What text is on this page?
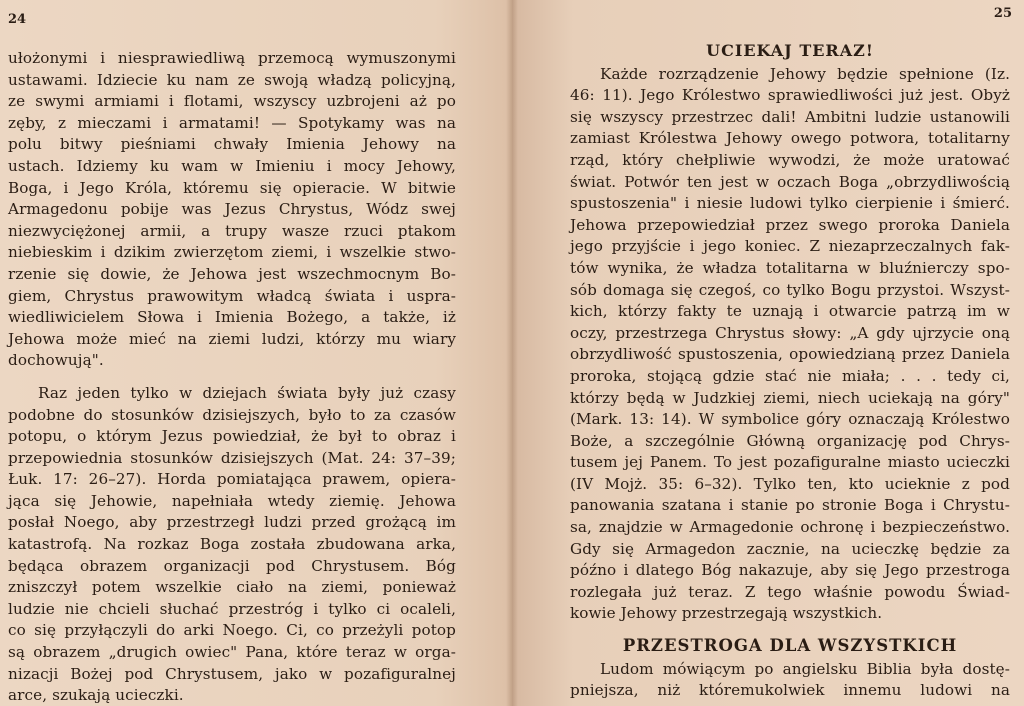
24
ułożonymi i niesprawiedliwą przemocą wymuszonymi
ustawami. Idziecie ku nam ze swoją władzą policyjną,
ze swymi armiami i flotami, wszyscy uzbrojeni aż po
zęby, z mieczami i armatami! — Spotykamy was na
polu bitwy pieśniami chwały Imienia Jehowy na
ustach. Idziemy ku wam w Imieniu i mocy Jehowy,
Boga, i Jego Króla, któremu się opieracie. W bitwie
Armagedonu pobije was Jezus Chrystus, Wódz swej
niezwyciężonej armii, a trupy wasze rzuci ptakom
niebieskim i dzikim zwierzętom ziemi, i wszelkie stwo-
rzenie się dowie, że Jehowa jest wszechmocnym Bo-
giem, Chrystus prawowitym władcą świata i uspra-
wiedliwicielem Słowa i Imienia Bożego, a także, iż
Jehowa może mieć na ziemi ludzi, którzy mu wiary
dochowują".
Raz jeden tylko w dziejach świata były już czasy
podobne do stosunków dzisiejszych, było to za czasów
potopu, o którym Jezus powiedział, że był to obraz i
przepowiednia stosunków dzisiejszych (Mat. 24: 37–39;
Łuk. 17: 26–27). Horda pomiatająca prawem, opiera-
jąca się Jehowie, napełniała wtedy ziemię. Jehowa
posłał Noego, aby przestrzegł ludzi przed grożącą im
katastrofą. Na rozkaz Boga została zbudowana arka,
będąca obrazem organizacji pod Chrystusem. Bóg
zniszczył potem wszelkie ciało na ziemi, ponieważ
ludzie nie chcieli słuchać przestróg i tylko ci ocaleli,
co się przyłączyli do arki Noego. Ci, co przeżyli potop
są obrazem „drugich owiec" Pana, które teraz w orga-
nizacji Bożej pod Chrystusem, jako w pozafiguralnej
arce, szukają ucieczki.
25
UCIEKAJ TERAZ!
Każde rozrządzenie Jehowy będzie spełnione (Iz.
46: 11). Jego Królestwo sprawiedliwości już jest. Obyż
się wszyscy przestrzec dali! Ambitni ludzie ustanowili
zamiast Królestwa Jehowy owego potwora, totalitarny
rząd, który chełpliwie wywodzi, że może uratować
świat. Potwór ten jest w oczach Boga „obrzydliwością
spustoszenia" i niesie ludowi tylko cierpienie i śmierć.
Jehowa przepowiedział przez swego proroka Daniela
jego przyjście i jego koniec. Z niezaprzeczalnych fak-
tów wynika, że władza totalitarna w bluźnierczy spo-
sób domaga się czegoś, co tylko Bogu przystoi. Wszyst-
kich, którzy fakty te uznają i otwarcie patrzą im w
oczy, przestrzega Chrystus słowy: „A gdy ujrzycie oną
obrzydliwość spustoszenia, opowiedzianą przez Daniela
proroka, stojącą gdzie stać nie miała; . . . tedy ci,
którzy będą w Judzkiej ziemi, niech uciekają na góry"
(Mark. 13: 14). W symbolice góry oznaczają Królestwo
Boże, a szczególnie Główną organizację pod Chrys-
tusem jej Panem. To jest pozafiguralne miasto ucieczki (IV Mojż. 35: 6–32). Tylko ten, kto ucieknie z pod
panowania szatana i stanie po stronie Boga i Chrystu-
sa, znajdzie w Armagedonie ochronę i bezpieczeństwo.
Gdy się Armagedon zacznie, na ucieczkę będzie za
późno i dlatego Bóg nakazuje, aby się Jego przestroga
rozlegała już teraz. Z tego właśnie powodu Świad-
kowie Jehowy przestrzegają wszystkich.
PRZESTROGA DLA WSZYSTKICH
Ludom mówiącym po angielsku Biblia była dostę-
pniejsza, niż któremukolwiek innemu ludowi na
